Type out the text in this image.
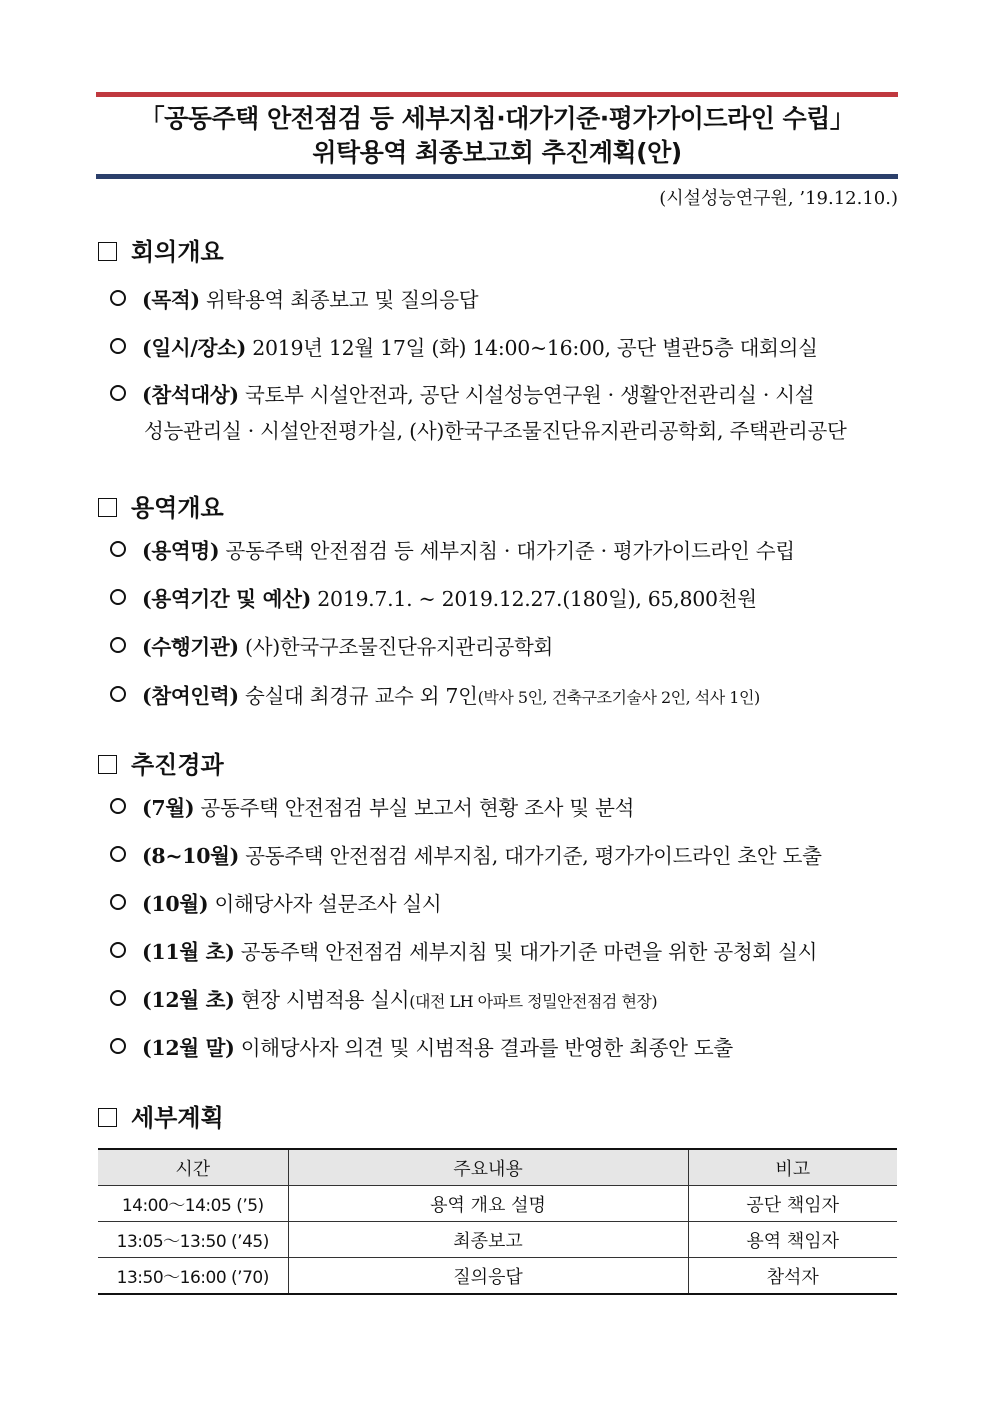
「공동주택 안전점검 등 세부지침·대가기준·평가가이드라인 수립」
위탁용역 최종보고회 추진계획(안)
(시설성능연구원, ’19.12.10.)
회의개요
(목적) 위탁용역 최종보고 및 질의응답
(일시/장소) 2019년 12월 17일 (화) 14:00~16:00, 공단 별관5층 대회의실
(참석대상) 국토부 시설안전과, 공단 시설성능연구원 · 생활안전관리실 · 시설
성능관리실 · 시설안전평가실, (사)한국구조물진단유지관리공학회, 주택관리공단
용역개요
(용역명) 공동주택 안전점검 등 세부지침 · 대가기준 · 평가가이드라인 수립
(용역기간 및 예산) 2019.7.1. ~ 2019.12.27.(180일), 65,800천원
(수행기관) (사)한국구조물진단유지관리공학회
(참여인력) 숭실대 최경규 교수 외 7인(박사 5인, 건축구조기술사 2인, 석사 1인)
추진경과
(7월) 공동주택 안전점검 부실 보고서 현황 조사 및 분석
(8~10월) 공동주택 안전점검 세부지침, 대가기준, 평가가이드라인 초안 도출
(10월) 이해당사자 설문조사 실시
(11월 초) 공동주택 안전점검 세부지침 및 대가기준 마련을 위한 공청회 실시
(12월 초) 현장 시범적용 실시(대전 LH 아파트 정밀안전점검 현장)
(12월 말) 이해당사자 의견 및 시범적용 결과를 반영한 최종안 도출
세부계획
시간	주요내용	비고
14:00～14:05 (’5)	용역 개요 설명	공단 책임자
13:05～13:50 (’45)	최종보고	용역 책임자
13:50～16:00 (’70)	질의응답	참석자
